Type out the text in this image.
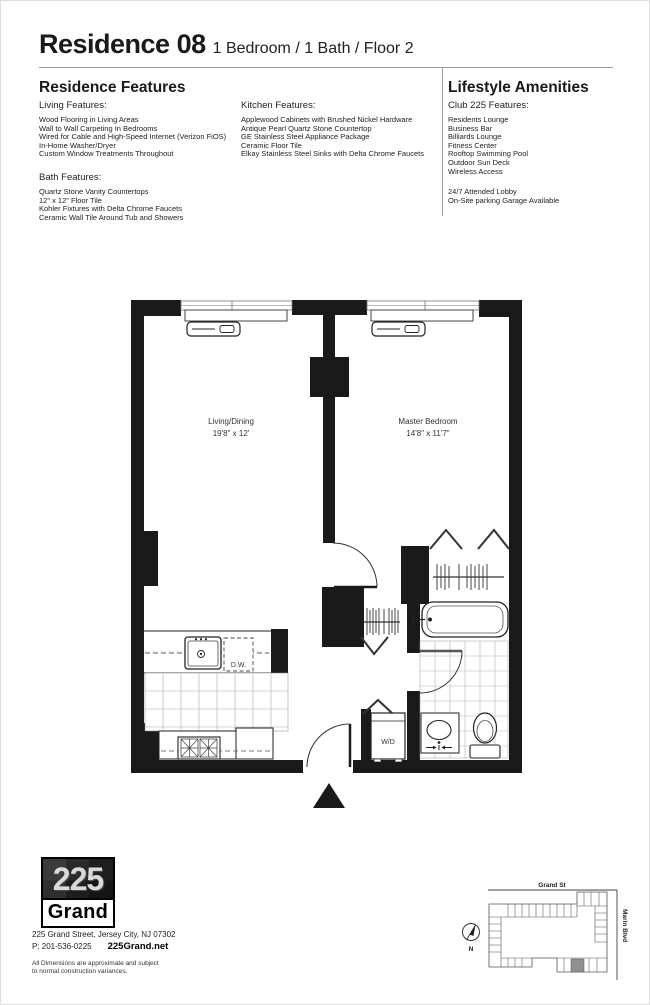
Residence 08 1 Bedroom / 1 Bath / Floor 2
Residence Features
Living Features:
Wood Flooring in Living Areas
Wall to Wall Carpeting In Bedrooms
Wired for Cable and High-Speed Internet (Verizon FiOS)
In-Home Washer/Dryer
Custom Window Treatments Throughout
Bath Features:
Quartz Stone Vanity Countertops
12" x 12" Floor Tile
Kohler Fixtures with Delta Chrome Faucets
Ceramic Wall Tile Around Tub and Showers
Kitchen Features:
Applewood Cabinets with Brushed Nickel Hardware
Antique Pearl Quartz Stone Countertop
GE Stainless Steel Appliance Package
Ceramic Floor Tile
Elkay Stainless Steel Sinks with Delta Chrome Faucets
Lifestyle Amenities
Club 225 Features:
Residents Lounge
Business Bar
Billiards Lounge
Fitness Center
Rooftop Swimming Pool
Outdoor Sun Deck
Wireless Access
24/7 Attended Lobby
On-Site parking Garage Available
D.W.
W/D
Living/Dining
19'8" x 12'
Master Bedroom
14'8" x 11'7"
Grand St
Marin Blvd
N
225
Grand
225 Grand Street, Jersey City, NJ 07302
P: 201-536-0225 225Grand.net
All Dimensions are approximate and subject
to normal construction variances.
